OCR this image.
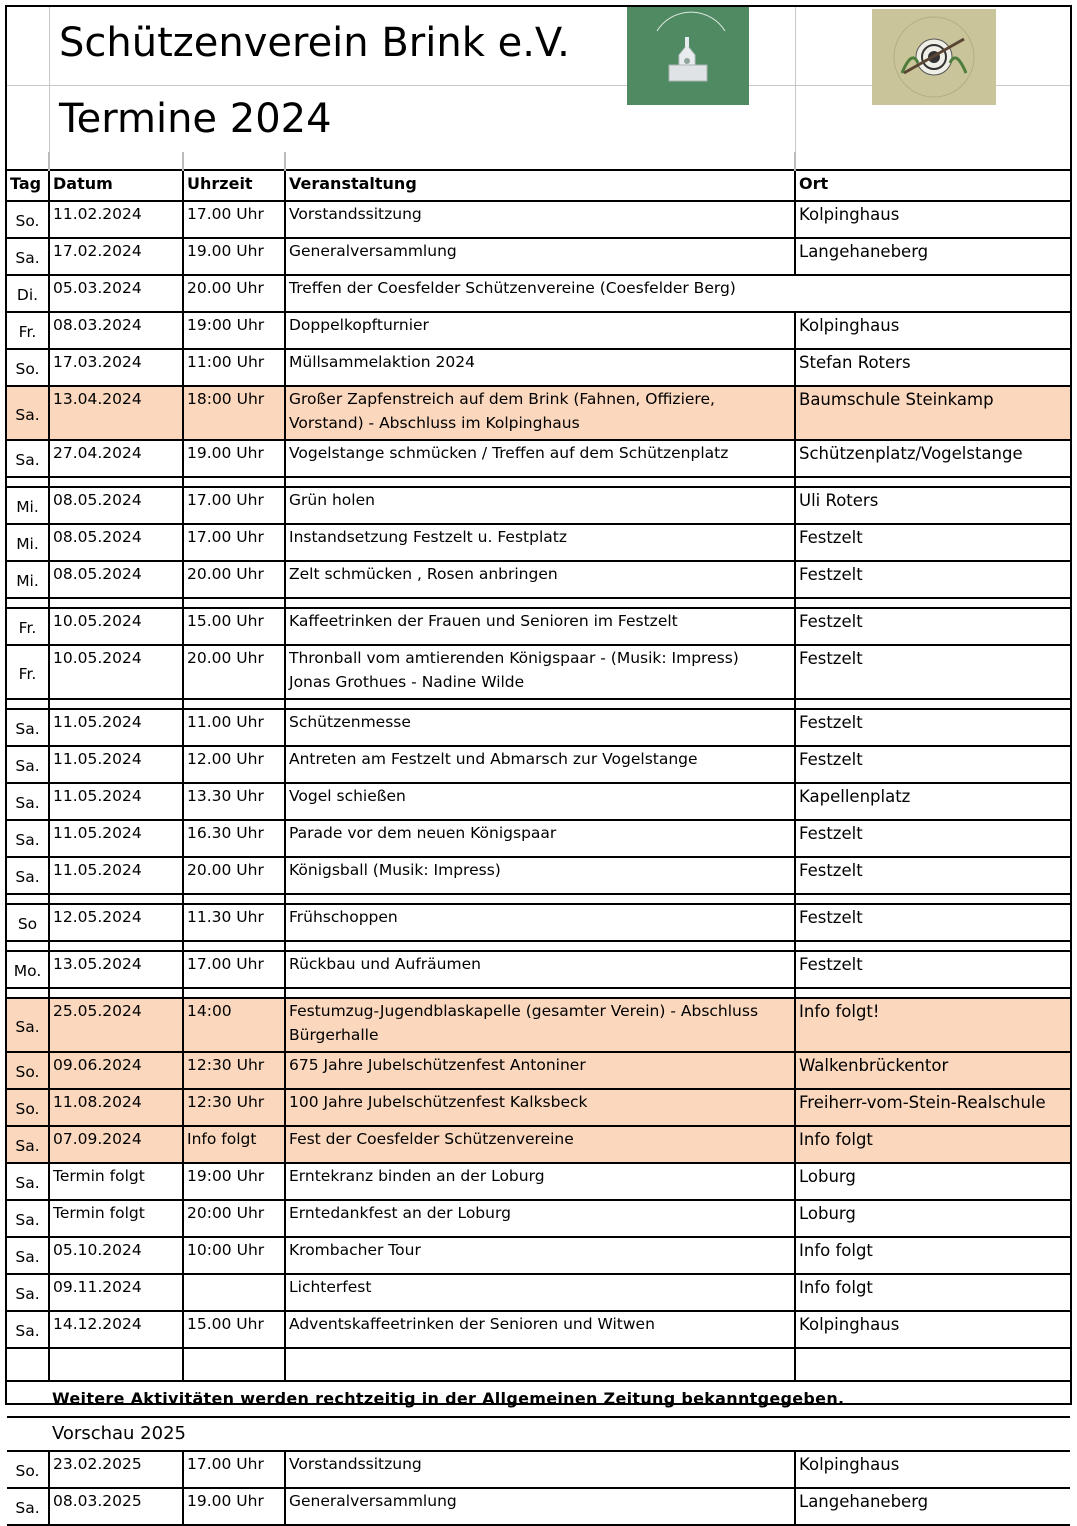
Schützenverein Brink e.V.
Termine 2024

Tag	Datum	Uhrzeit	Veranstaltung	Ort
So.	11.02.2024	17.00 Uhr	Vorstandssitzung	Kolpinghaus
Sa.	17.02.2024	19.00 Uhr	Generalversammlung	Langehaneberg
Di.	05.03.2024	20.00 Uhr	Treffen der Coesfelder Schützenvereine (Coesfelder Berg)	
Fr.	08.03.2024	19:00 Uhr	Doppelkopfturnier	Kolpinghaus
So.	17.03.2024	11:00 Uhr	Müllsammelaktion 2024	Stefan Roters
Sa.	13.04.2024	18:00 Uhr	Großer Zapfenstreich auf dem Brink (Fahnen, Offiziere,
Vorstand) - Abschluss im Kolpinghaus	Baumschule Steinkamp
Sa.	27.04.2024	19.00 Uhr	Vogelstange schmücken / Treffen auf dem Schützenplatz	Schützenplatz/Vogelstange

Mi.	08.05.2024	17.00 Uhr	Grün holen	Uli Roters
Mi.	08.05.2024	17.00 Uhr	Instandsetzung Festzelt u. Festplatz	Festzelt
Mi.	08.05.2024	20.00 Uhr	Zelt schmücken , Rosen anbringen	Festzelt

Fr.	10.05.2024	15.00 Uhr	Kaffeetrinken der Frauen und Senioren im Festzelt	Festzelt
Fr.	10.05.2024	20.00 Uhr	Thronball vom amtierenden Königspaar - (Musik: Impress)
Jonas Grothues - Nadine Wilde	Festzelt

Sa.	11.05.2024	11.00 Uhr	Schützenmesse	Festzelt
Sa.	11.05.2024	12.00 Uhr	Antreten am Festzelt und Abmarsch zur Vogelstange	Festzelt
Sa.	11.05.2024	13.30 Uhr	Vogel schießen	Kapellenplatz
Sa.	11.05.2024	16.30 Uhr	Parade vor dem neuen Königspaar	Festzelt
Sa.	11.05.2024	20.00 Uhr	Königsball (Musik: Impress)	Festzelt

So	12.05.2024	11.30 Uhr	Frühschoppen	Festzelt

Mo.	13.05.2024	17.00 Uhr	Rückbau und Aufräumen	Festzelt

Sa.	25.05.2024	14:00	Festumzug-Jugendblaskapelle (gesamter Verein) - Abschluss
Bürgerhalle	Info folgt!
So.	09.06.2024	12:30 Uhr	675 Jahre Jubelschützenfest Antoniner	Walkenbrückentor
So.	11.08.2024	12:30 Uhr	100 Jahre Jubelschützenfest Kalksbeck	Freiherr-vom-Stein-Realschule
Sa.	07.09.2024	Info folgt	Fest der Coesfelder Schützenvereine	Info folgt
Sa.	Termin folgt	19:00 Uhr	Erntekranz binden an der Loburg	Loburg
Sa.	Termin folgt	20:00 Uhr	Erntedankfest an der Loburg	Loburg
Sa.	05.10.2024	10:00 Uhr	Krombacher Tour	Info folgt
Sa.	09.11.2024		Lichterfest	Info folgt
Sa.	14.12.2024	15.00 Uhr	Adventskaffeetrinken der Senioren und Witwen	Kolpinghaus

	Weitere Aktivitäten werden rechtzeitig in der Allgemeinen Zeitung bekanntgegeben.			
	Vorschau 2025			
So.	23.02.2025	17.00 Uhr	Vorstandssitzung	Kolpinghaus
Sa.	08.03.2025	19.00 Uhr	Generalversammlung	Langehaneberg
